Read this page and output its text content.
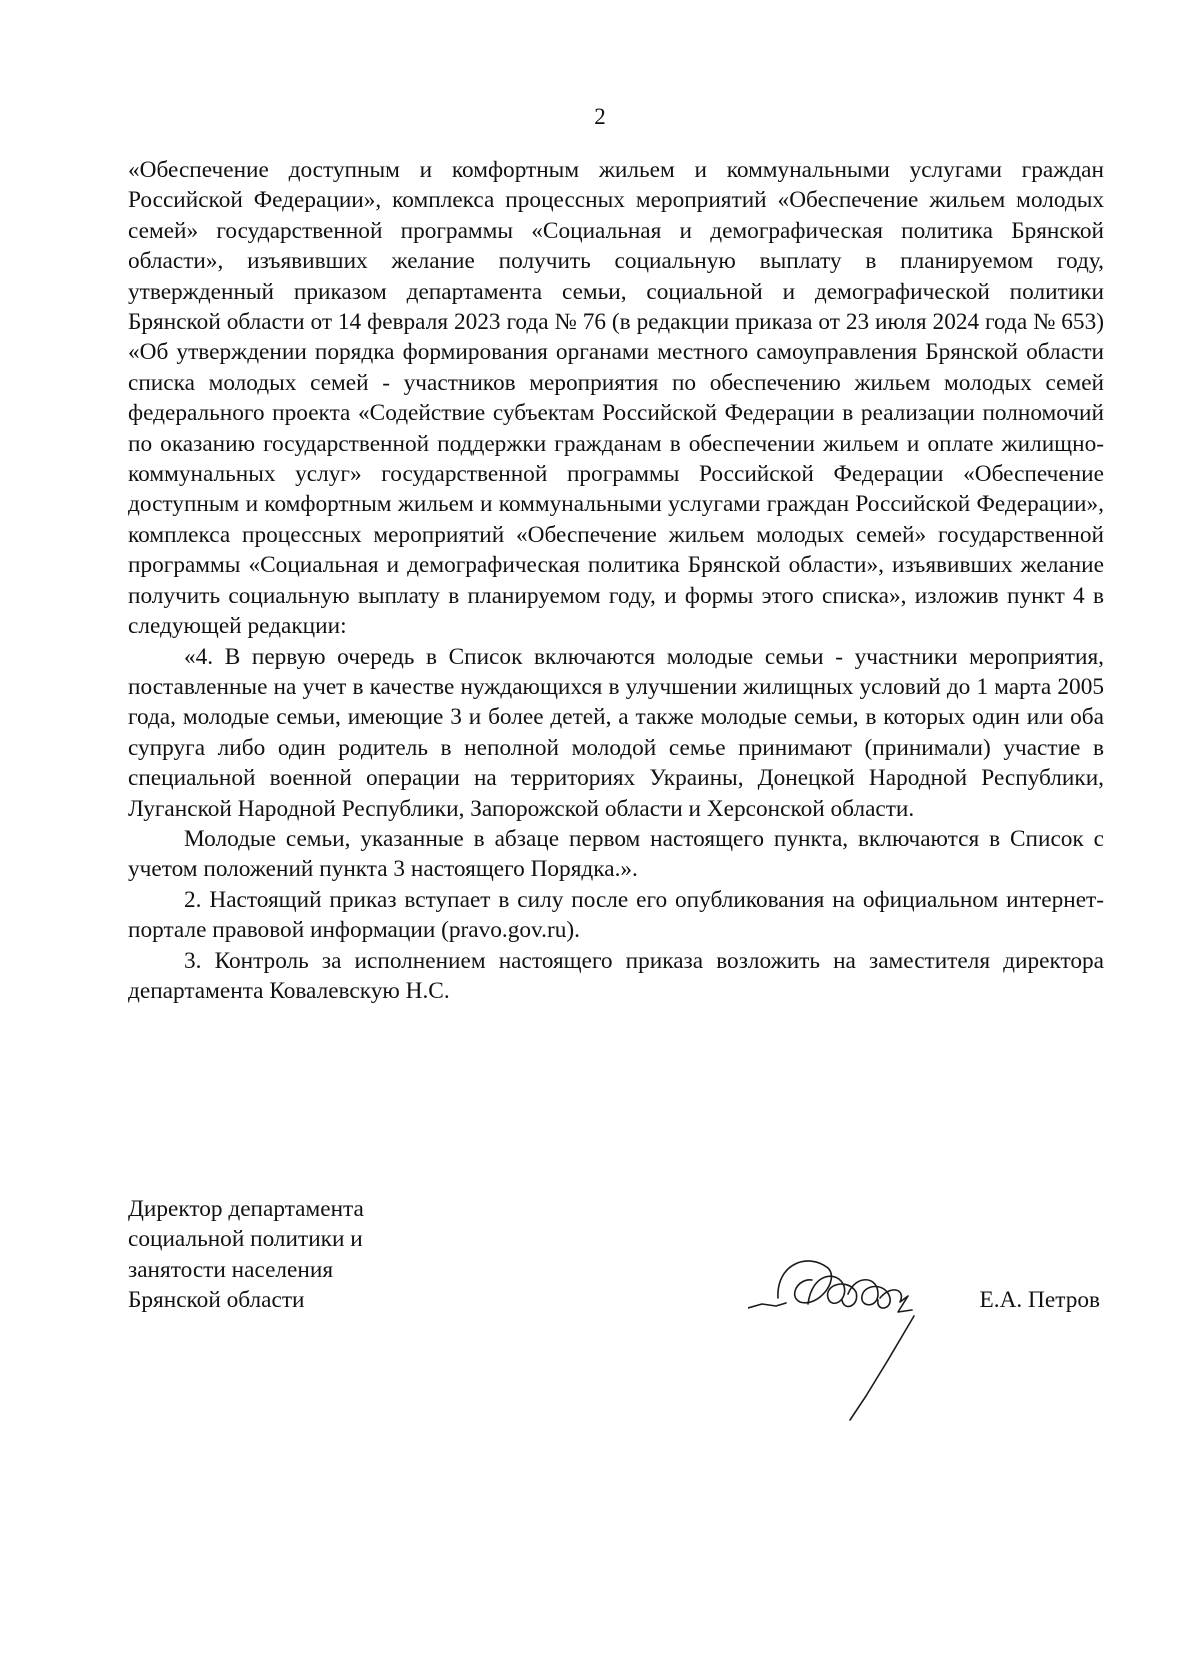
2

«Обеспечение доступным и комфортным жильем и коммунальными услугами граждан Российской Федерации», комплекса процессных мероприятий «Обеспечение жильем молодых семей» государственной программы «Социальная и демографическая политика Брянской области», изъявивших желание получить социальную выплату в планируемом году, утвержденный приказом департамента семьи, социальной и демографической политики Брянской области от 14 февраля 2023 года № 76 (в редакции приказа от 23 июля 2024 года № 653) «Об утверждении порядка формирования органами местного самоуправления Брянской области списка молодых семей - участников мероприятия по обеспечению жильем молодых семей федерального проекта «Содействие субъектам Российской Федерации в реализации полномочий по оказанию государственной поддержки гражданам в обеспечении жильем и оплате жилищно-коммунальных услуг» государственной программы Российской Федерации «Обеспечение доступным и комфортным жильем и коммунальными услугами граждан Российской Федерации», комплекса процессных мероприятий «Обеспечение жильем молодых семей» государственной программы «Социальная и демографическая политика Брянской области», изъявивших желание получить социальную выплату в планируемом году, и формы этого списка», изложив пункт 4 в следующей редакции:

«4. В первую очередь в Список включаются молодые семьи - участники мероприятия, поставленные на учет в качестве нуждающихся в улучшении жилищных условий до 1 марта 2005 года, молодые семьи, имеющие 3 и более детей, а также молодые семьи, в которых один или оба супруга либо один родитель в неполной молодой семье принимают (принимали) участие в специальной военной операции на территориях Украины, Донецкой Народной Республики, Луганской Народной Республики, Запорожской области и Херсонской области.

Молодые семьи, указанные в абзаце первом настоящего пункта, включаются в Список с учетом положений пункта 3 настоящего Порядка.».

2. Настоящий приказ вступает в силу после его опубликования на официальном интернет-портале правовой информации (pravo.gov.ru).

3. Контроль за исполнением настоящего приказа возложить на заместителя директора департамента Ковалевскую Н.С.

Директор департамента
социальной политики и
занятости населения
Брянской области	Е.А. Петров
